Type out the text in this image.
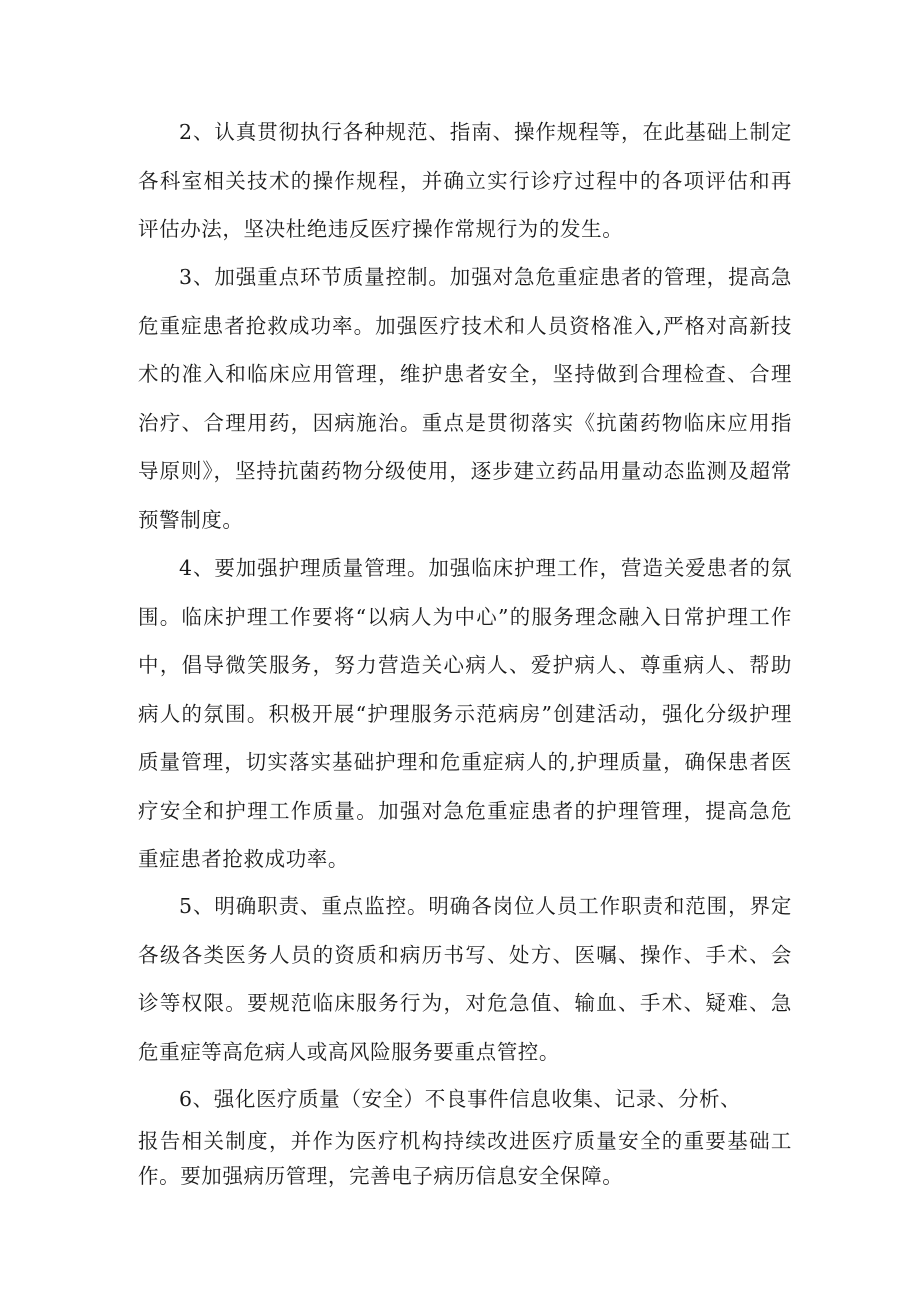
2、认真贯彻执行各种规范、指南、操作规程等，在此基础上制定各科室相关技术的操作规程，并确立实行诊疗过程中的各项评估和再评估办法，坚决杜绝违反医疗操作常规行为的发生。

3、加强重点环节质量控制。加强对急危重症患者的管理，提高急危重症患者抢救成功率。加强医疗技术和人员资格准入,严格对高新技术的准入和临床应用管理，维护患者安全，坚持做到合理检查、合理治疗、合理用药，因病施治。重点是贯彻落实《抗菌药物临床应用指导原则》，坚持抗菌药物分级使用，逐步建立药品用量动态监测及超常预警制度。

4、要加强护理质量管理。加强临床护理工作，营造关爱患者的氛围。临床护理工作要将“以病人为中心”的服务理念融入日常护理工作中，倡导微笑服务，努力营造关心病人、爱护病人、尊重病人、帮助病人的氛围。积极开展“护理服务示范病房”创建活动，强化分级护理质量管理，切实落实基础护理和危重症病人的,护理质量，确保患者医疗安全和护理工作质量。加强对急危重症患者的护理管理，提高急危重症患者抢救成功率。

5、明确职责、重点监控。明确各岗位人员工作职责和范围，界定各级各类医务人员的资质和病历书写、处方、医嘱、操作、手术、会诊等权限。要规范临床服务行为，对危急值、输血、手术、疑难、急危重症等高危病人或高风险服务要重点管控。

6、强化医疗质量（安全）不良事件信息收集、记录、分析、

报告相关制度，并作为医疗机构持续改进医疗质量安全的重要基础工作。要加强病历管理，完善电子病历信息安全保障。
